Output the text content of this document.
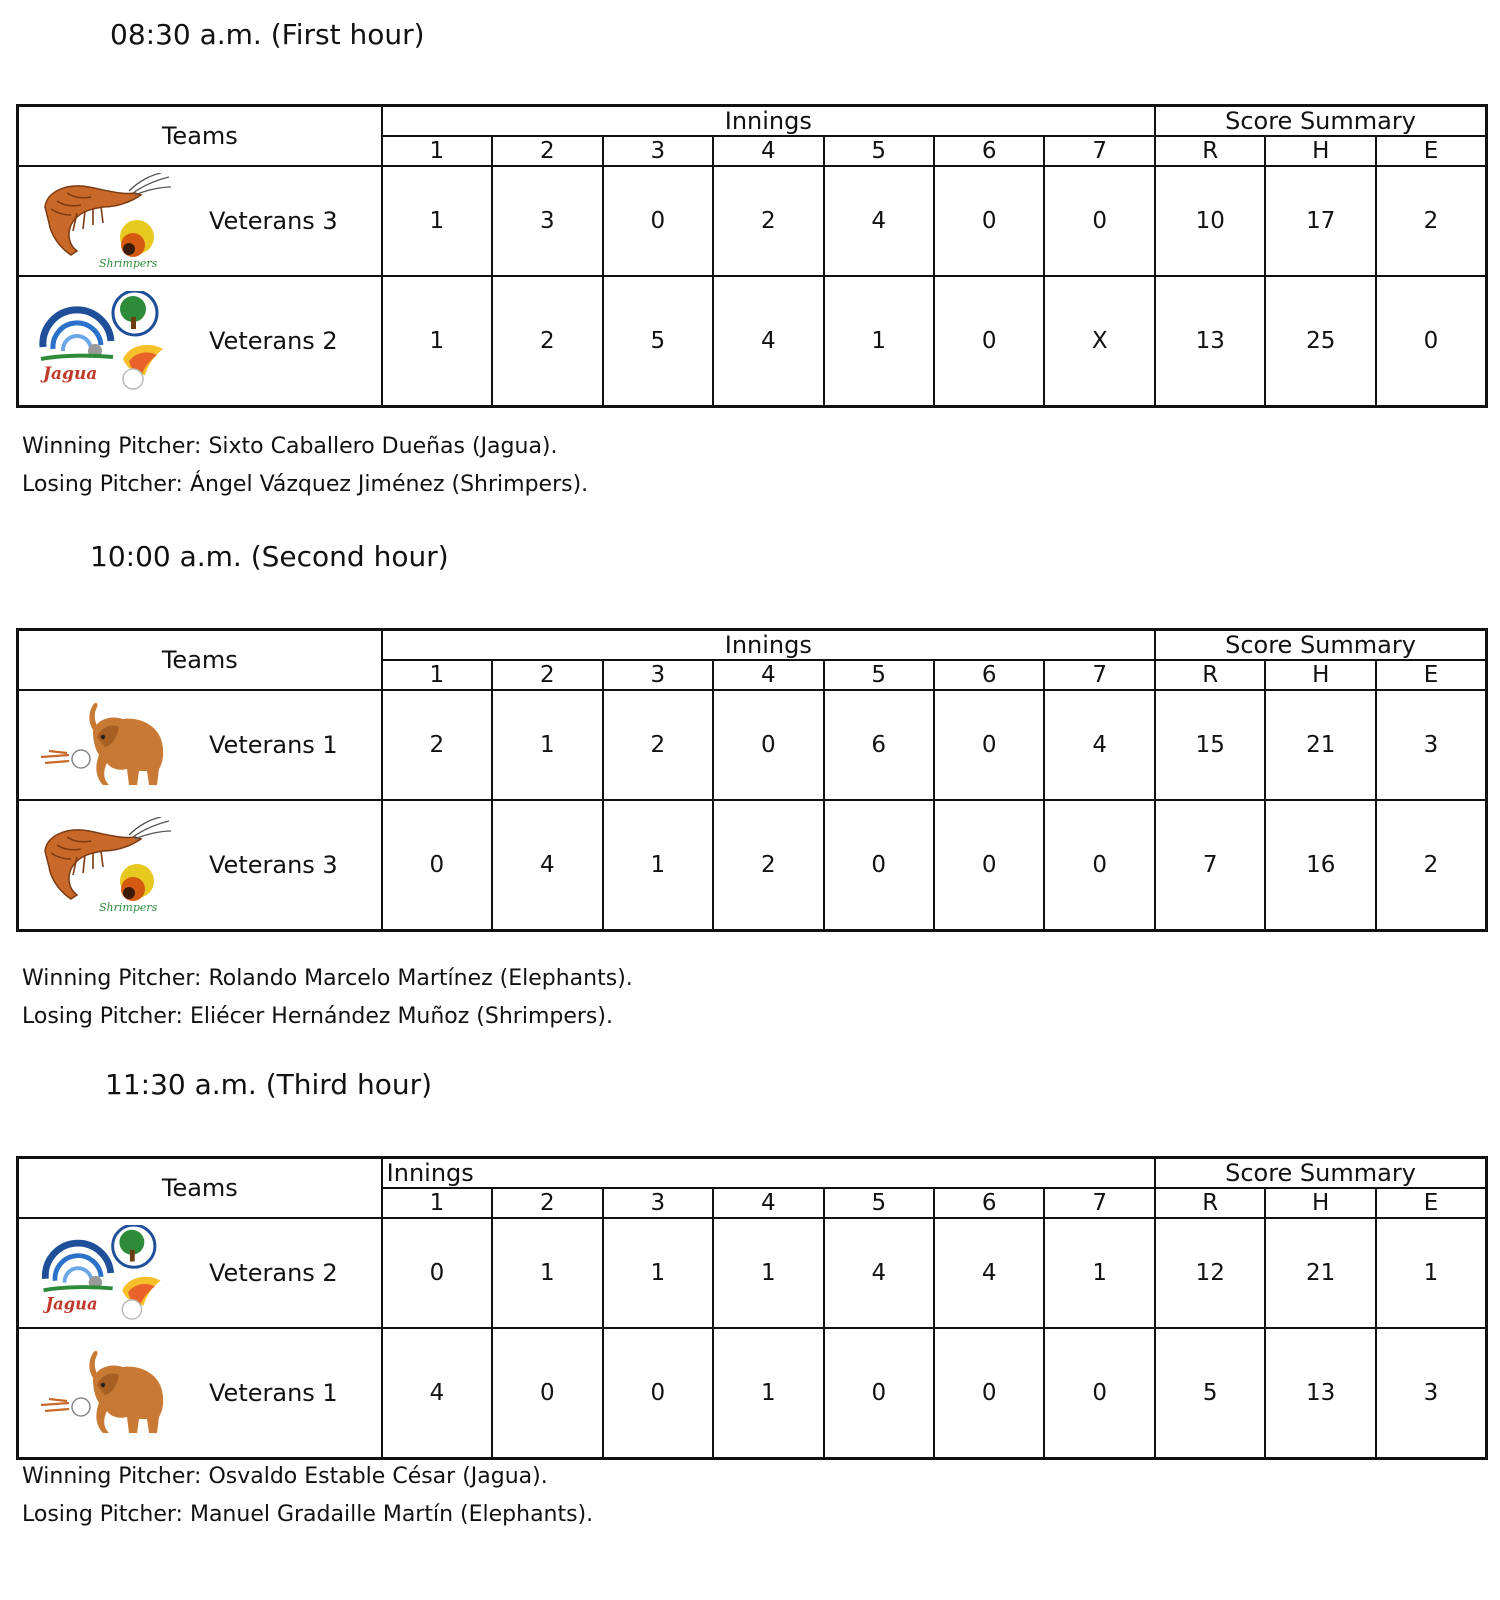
08:30 a.m. (First hour)
Teams	Innings							Score Summary		
	1	2	3	4	5	6	7	R	H	E

Shrimpers
Veterans 3	1	3	0	2	4	0	0	10	17	2

Jagua
Veterans 2	1	2	5	4	1	0	X	13	25	0
Winning Pitcher: Sixto Caballero Dueñas (Jagua).
Losing Pitcher: Ángel Vázquez Jiménez (Shrimpers).
10:00 a.m. (Second hour)
Teams	Innings							Score Summary		
	1	2	3	4	5	6	7	R	H	E

Veterans 1	2	1	2	0	6	0	4	15	21	3

Shrimpers
Veterans 3	0	4	1	2	0	0	0	7	16	2
Winning Pitcher: Rolando Marcelo Martínez (Elephants).
Losing Pitcher: Eliécer Hernández Muñoz (Shrimpers).
11:30 a.m. (Third hour)
Teams	Innings							Score Summary		
	1	2	3	4	5	6	7	R	H	E

Jagua
Veterans 2	0	1	1	1	4	4	1	12	21	1

Veterans 1	4	0	0	1	0	0	0	5	13	3
Winning Pitcher: Osvaldo Estable César (Jagua).
Losing Pitcher: Manuel Gradaille Martín (Elephants).
